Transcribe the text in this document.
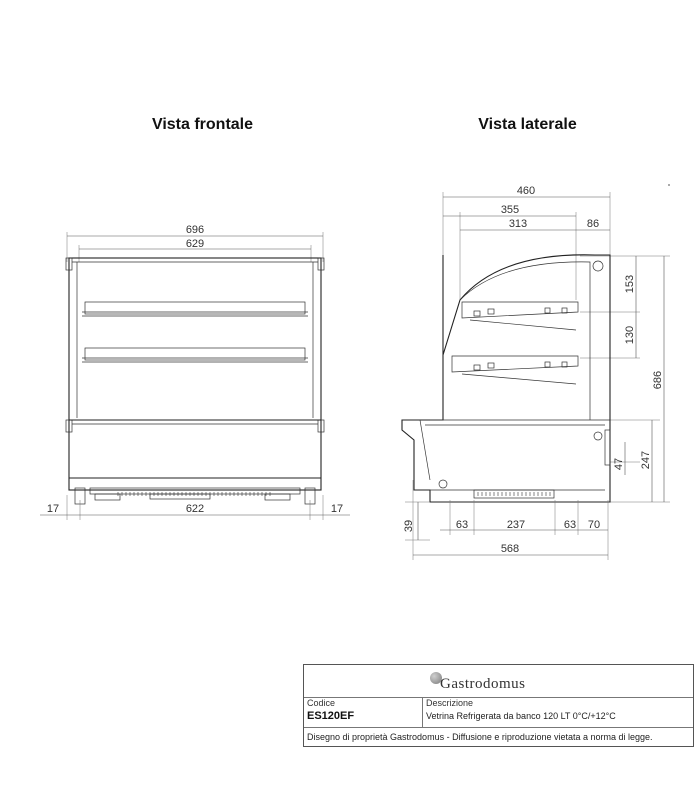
Vista frontale	Vista laterale
696
629
17	622	17
460
355
86
313
153
130
686
247
47
63	237	63 70
568
39
Gastrodomus
Codice
ES120EF
Descrizione
Vetrina Refrigerata da banco 120 LT 0°C/+12°C
Disegno di proprietà Gastrodomus - Diffusione e riproduzione vietata a norma di legge.
